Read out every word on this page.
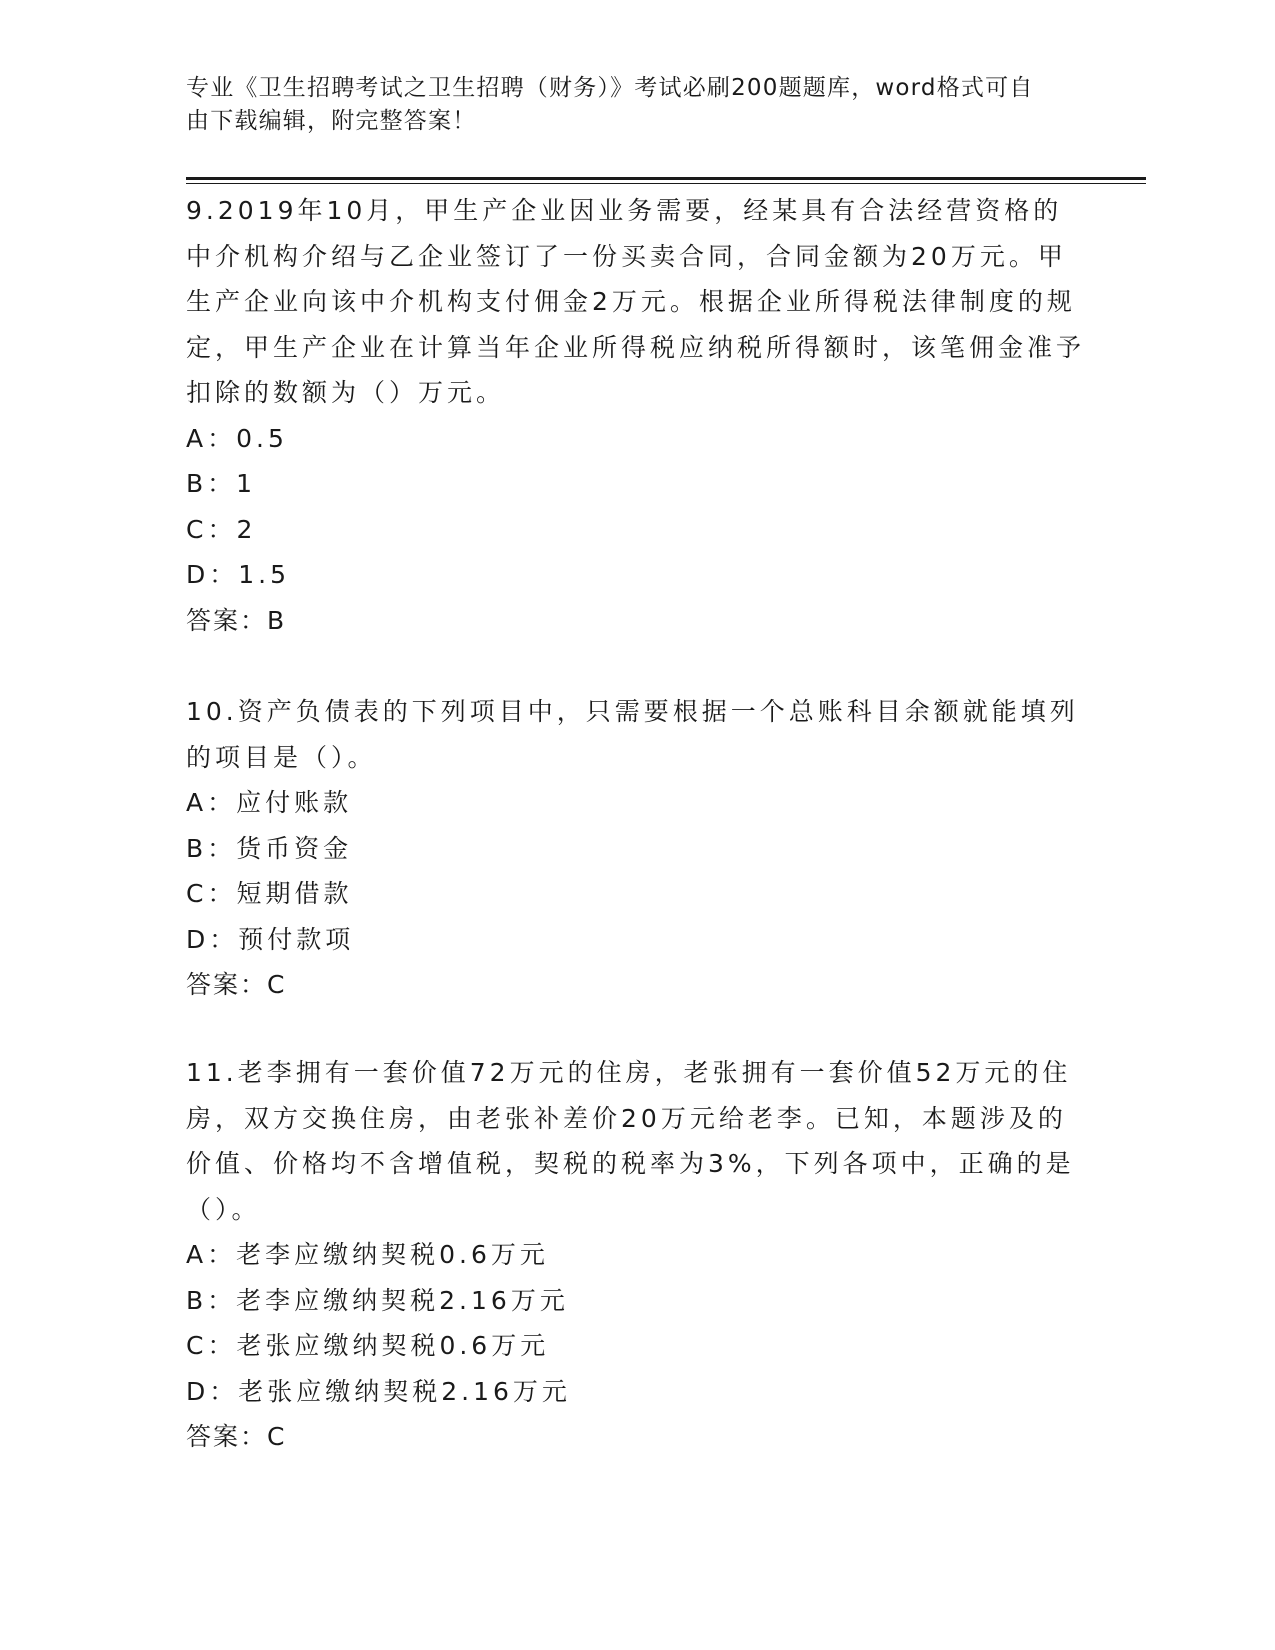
专业《卫生招聘考试之卫生招聘（财务）》考试必刷200题题库，word格式可自
由下载编辑，附完整答案！

9.2019年10月，甲生产企业因业务需要，经某具有合法经营资格的中介机构介绍与乙企业签订了一份买卖合同，合同金额为20万元。甲生产企业向该中介机构支付佣金2万元。根据企业所得税法律制度的规定，甲生产企业在计算当年企业所得税应纳税所得额时，该笔佣金准予扣除的数额为（）万元。

A：0.5

B：1

C：2

D：1.5

答案：B

10.资产负债表的下列项目中，只需要根据一个总账科目余额就能填列的项目是（）。

A：应付账款

B：货币资金

C：短期借款

D：预付款项

答案：C

11.老李拥有一套价值72万元的住房，老张拥有一套价值52万元的住房，双方交换住房，由老张补差价20万元给老李。已知，本题涉及的价值、价格均不含增值税，契税的税率为3%，下列各项中，正确的是（）。

A：老李应缴纳契税0.6万元

B：老李应缴纳契税2.16万元

C：老张应缴纳契税0.6万元

D：老张应缴纳契税2.16万元

答案：C
